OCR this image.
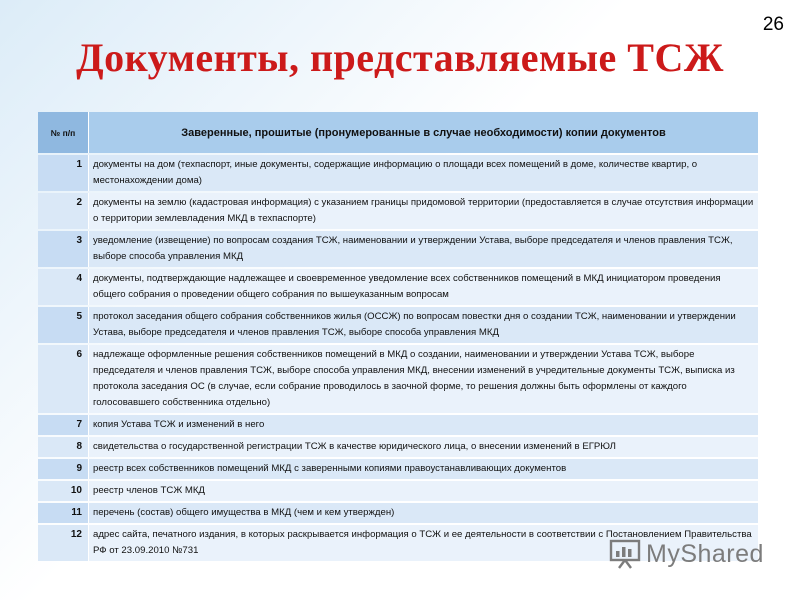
26
Документы, представляемые ТСЖ
№ п/п	Заверенные, прошитые (пронумерованные в случае необходимости) копии документов
1	документы на дом (техпаспорт, иные документы, содержащие информацию о площади всех помещений в доме, количестве квартир, о местонахождении дома)
2	документы на землю (кадастровая информация) с указанием границы придомовой территории (предоставляется в случае отсутствия информации о территории землевладения МКД в техпаспорте)
3	уведомление (извещение) по вопросам создания ТСЖ, наименовании и утверждении Устава, выборе председателя и членов правления ТСЖ, выборе способа управления МКД
4	документы, подтверждающие надлежащее и своевременное уведомление всех собственников помещений в МКД инициатором проведения общего собрания о проведении общего собрания по вышеуказанным вопросам
5	протокол заседания общего собрания собственников жилья (ОССЖ) по вопросам повестки дня о создании ТСЖ, наименовании и утверждении Устава, выборе председателя и членов правления ТСЖ, выборе способа управления МКД
6	надлежаще оформленные решения собственников помещений в МКД о создании, наименовании и утверждении Устава ТСЖ, выборе председателя и членов правления ТСЖ, выборе способа управления МКД, внесении изменений в учредительные документы ТСЖ, выписка из протокола заседания ОС (в случае, если собрание проводилось в заочной форме, то решения должны быть оформлены от каждого голосовавшего собственника отдельно)
7	копия Устава ТСЖ и изменений в него
8	свидетельства о государственной регистрации ТСЖ в качестве юридического лица, о внесении изменений в ЕГРЮЛ
9	реестр всех собственников помещений МКД с заверенными копиями правоустанавливающих документов
10	реестр членов ТСЖ МКД
11	перечень (состав) общего имущества в МКД (чем и кем утвержден)
12	адрес сайта, печатного издания, в которых раскрывается информация о ТСЖ и ее деятельности в соответствии с Постановлением Правительства РФ от 23.09.2010 №731	MyShared
